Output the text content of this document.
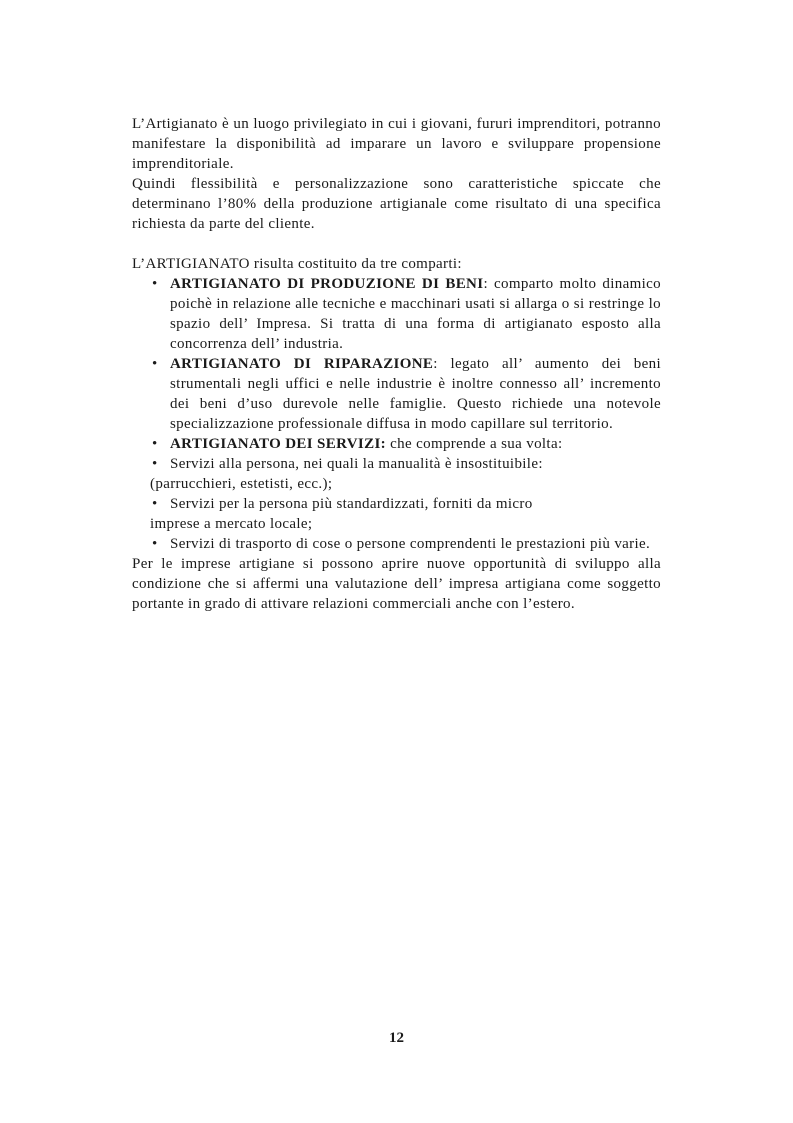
L’Artigianato è un luogo privilegiato in cui i giovani, fururi imprenditori, potranno manifestare la disponibilità ad imparare un lavoro e sviluppare propensione imprenditoriale.

Quindi flessibilità e personalizzazione sono caratteristiche spiccate che determinano l’80% della produzione artigianale come risultato di una specifica richiesta da parte del cliente.

L’ARTIGIANATO risulta costituito da tre comparti:

• ARTIGIANATO DI PRODUZIONE DI BENI: comparto molto dinamico poichè in relazione alle tecniche e macchinari usati si allarga o si restringe lo spazio dell’ Impresa. Si tratta di una forma di artigianato esposto alla concorrenza dell’ industria.
• ARTIGIANATO DI RIPARAZIONE: legato all’ aumento dei beni strumentali negli uffici e nelle industrie è inoltre connesso all’ incremento dei beni d’uso durevole nelle famiglie. Questo richiede una notevole specializzazione professionale diffusa in modo capillare sul territorio.
• ARTIGIANATO DEI SERVIZI: che comprende a sua volta:
• Servizi alla persona, nei quali la manualità è insostituibile:
(parrucchieri, estetisti, ecc.);
• Servizi per la persona più standardizzati, forniti da micro
imprese a mercato locale;
• Servizi di trasporto di cose o persone comprendenti le prestazioni più varie.

Per le imprese artigiane si possono aprire nuove opportunità di sviluppo alla condizione che si affermi una valutazione dell’ impresa artigiana come soggetto portante in grado di attivare relazioni commerciali anche con l’estero.

12
